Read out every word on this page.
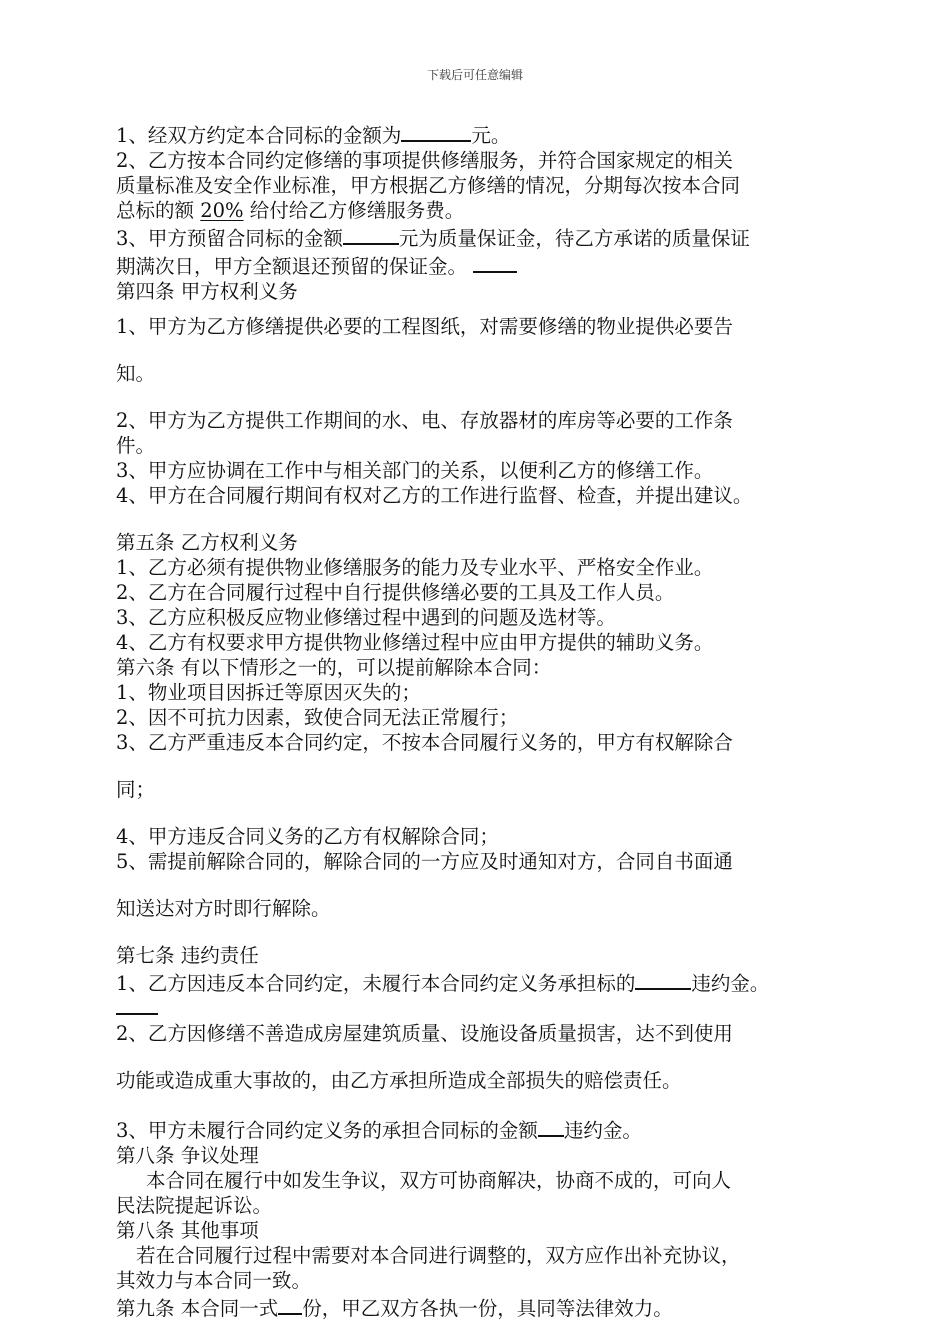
下载后可任意编辑

1、经双方约定本合同标的金额为	元。

2、乙方按本合同约定修缮的事项提供修缮服务，并符合国家规定的相关

质量标准及安全作业标准，甲方根据乙方修缮的情况，分期每次按本合同

总标的额 20% 给付给乙方修缮服务费。

3、甲方预留合同标的金额	元为质量保证金，待乙方承诺的质量保证

期满次日，甲方全额退还预留的保证金。

第四条 甲方权利义务

1、甲方为乙方修缮提供必要的工程图纸，对需要修缮的物业提供必要告

知。

2、甲方为乙方提供工作期间的水、电、存放器材的库房等必要的工作条

件。

3、甲方应协调在工作中与相关部门的关系，以便利乙方的修缮工作。

4、甲方在合同履行期间有权对乙方的工作进行监督、检查，并提出建议。

第五条 乙方权利义务

1、乙方必须有提供物业修缮服务的能力及专业水平、严格安全作业。

2、乙方在合同履行过程中自行提供修缮必要的工具及工作人员。

3、乙方应积极反应物业修缮过程中遇到的问题及选材等。

4、乙方有权要求甲方提供物业修缮过程中应由甲方提供的辅助义务。

第六条 有以下情形之一的，可以提前解除本合同：

1、物业项目因拆迁等原因灭失的；

2、因不可抗力因素，致使合同无法正常履行；

3、乙方严重违反本合同约定，不按本合同履行义务的，甲方有权解除合

同；

4、甲方违反合同义务的乙方有权解除合同；

5、需提前解除合同的，解除合同的一方应及时通知对方，合同自书面通

知送达对方时即行解除。

第七条 违约责任

1、乙方因违反本合同约定，未履行本合同约定义务承担标的	违约金。

2、乙方因修缮不善造成房屋建筑质量、设施设备质量损害，达不到使用

功能或造成重大事故的，由乙方承担所造成全部损失的赔偿责任。

3、甲方未履行合同约定义务的承担合同标的金额 违约金。

第八条 争议处理

本合同在履行中如发生争议，双方可协商解决，协商不成的，可向人

民法院提起诉讼。

第八条 其他事项

若在合同履行过程中需要对本合同进行调整的，双方应作出补充协议，

其效力与本合同一致。

第九条 本合同一式 份，甲乙双方各执一份，具同等法律效力。
